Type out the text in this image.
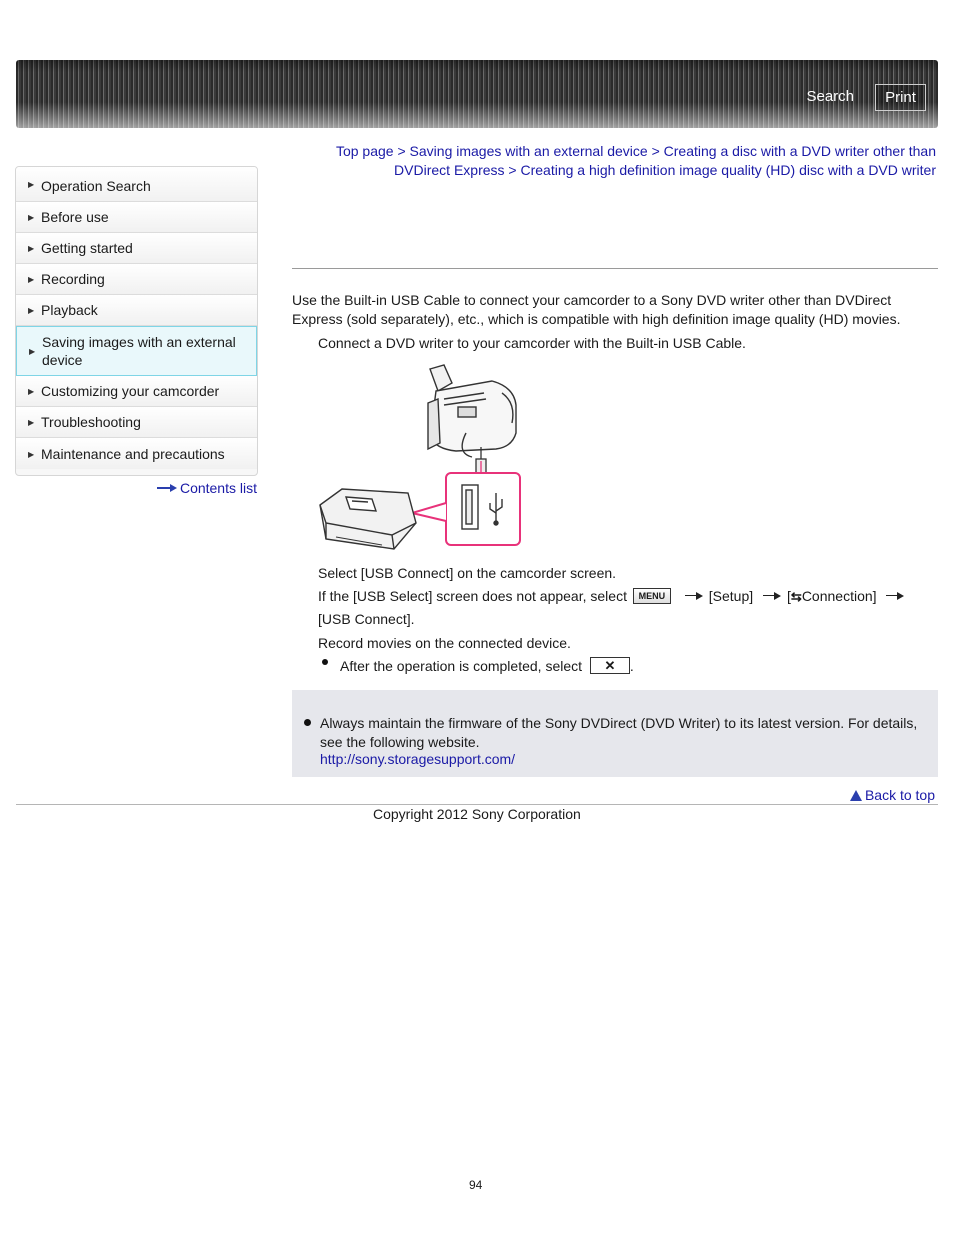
Search	Print
▶ Operation Search
▶ Before use
▶ Getting started
▶ Recording
▶ Playback
▶
Saving images with an external device
▶ Customizing your camcorder
▶ Troubleshooting
▶ Maintenance and precautions
Contents list
Top page > Saving images with an external device > Creating a disc with a DVD writer other than DVDirect Express > Creating a high definition image quality (HD) disc with a DVD writer
Use the Built-in USB Cable to connect your camcorder to a Sony DVD writer other than DVDirect Express (sold separately), etc., which is compatible with high definition image quality (HD) movies.
Connect a DVD writer to your camcorder with the Built-in USB Cable.
Select [USB Connect] on the camcorder screen.
If the [USB Select] screen does not appear, select MENU	[Setup] [⇆Connection] [USB Connect].
Record movies on the connected device.
After the operation is completed, select ✕ .
Always maintain the firmware of the Sony DVDirect (DVD Writer) to its latest version. For details, see the following website.
http://sony.storagesupport.com/
Back to top
Copyright 2012 Sony Corporation
94
